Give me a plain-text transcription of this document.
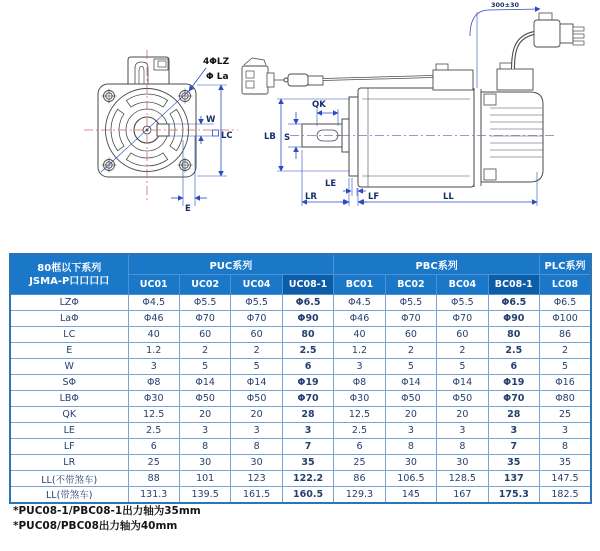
4ΦLZ
Φ La
W
LC
E
300±30
QK
LB S
LE
LR	LF	LL
80框以下系列
JSMA-P口口口口	PUC系列				PBC系列				PLC系列
	UC01	UC02	UC04	UC08-1	BC01	BC02	BC04	BC08-1	LC08
LZΦ	Φ4.5	Φ5.5	Φ5.5	Φ6.5	Φ4.5	Φ5.5	Φ5.5	Φ6.5	Φ6.5
LaΦ	Φ46	Φ70	Φ70	Φ90	Φ46	Φ70	Φ70	Φ90	Φ100
LC	40	60	60	80	40	60	60	80	86
E	1.2	2	2	2.5	1.2	2	2	2.5	2
W	3	5	5	6	3	5	5	6	5
SΦ	Φ8	Φ14	Φ14	Φ19	Φ8	Φ14	Φ14	Φ19	Φ16
LBΦ	Φ30	Φ50	Φ50	Φ70	Φ30	Φ50	Φ50	Φ70	Φ80
QK	12.5	20	20	28	12.5	20	20	28	25
LE	2.5	3	3	3	2.5	3	3	3	3
LF	6	8	8	7	6	8	8	7	8
LR	25	30	30	35	25	30	30	35	35
LL(不带煞车)	88	101	123	122.2	86	106.5	128.5	137	147.5
LL(带煞车)	131.3	139.5	161.5	160.5	129.3	145	167	175.3	182.5
*PUC08-1/PBC08-1出力轴为35mm
*PUC08/PBC08出力轴为40mm
